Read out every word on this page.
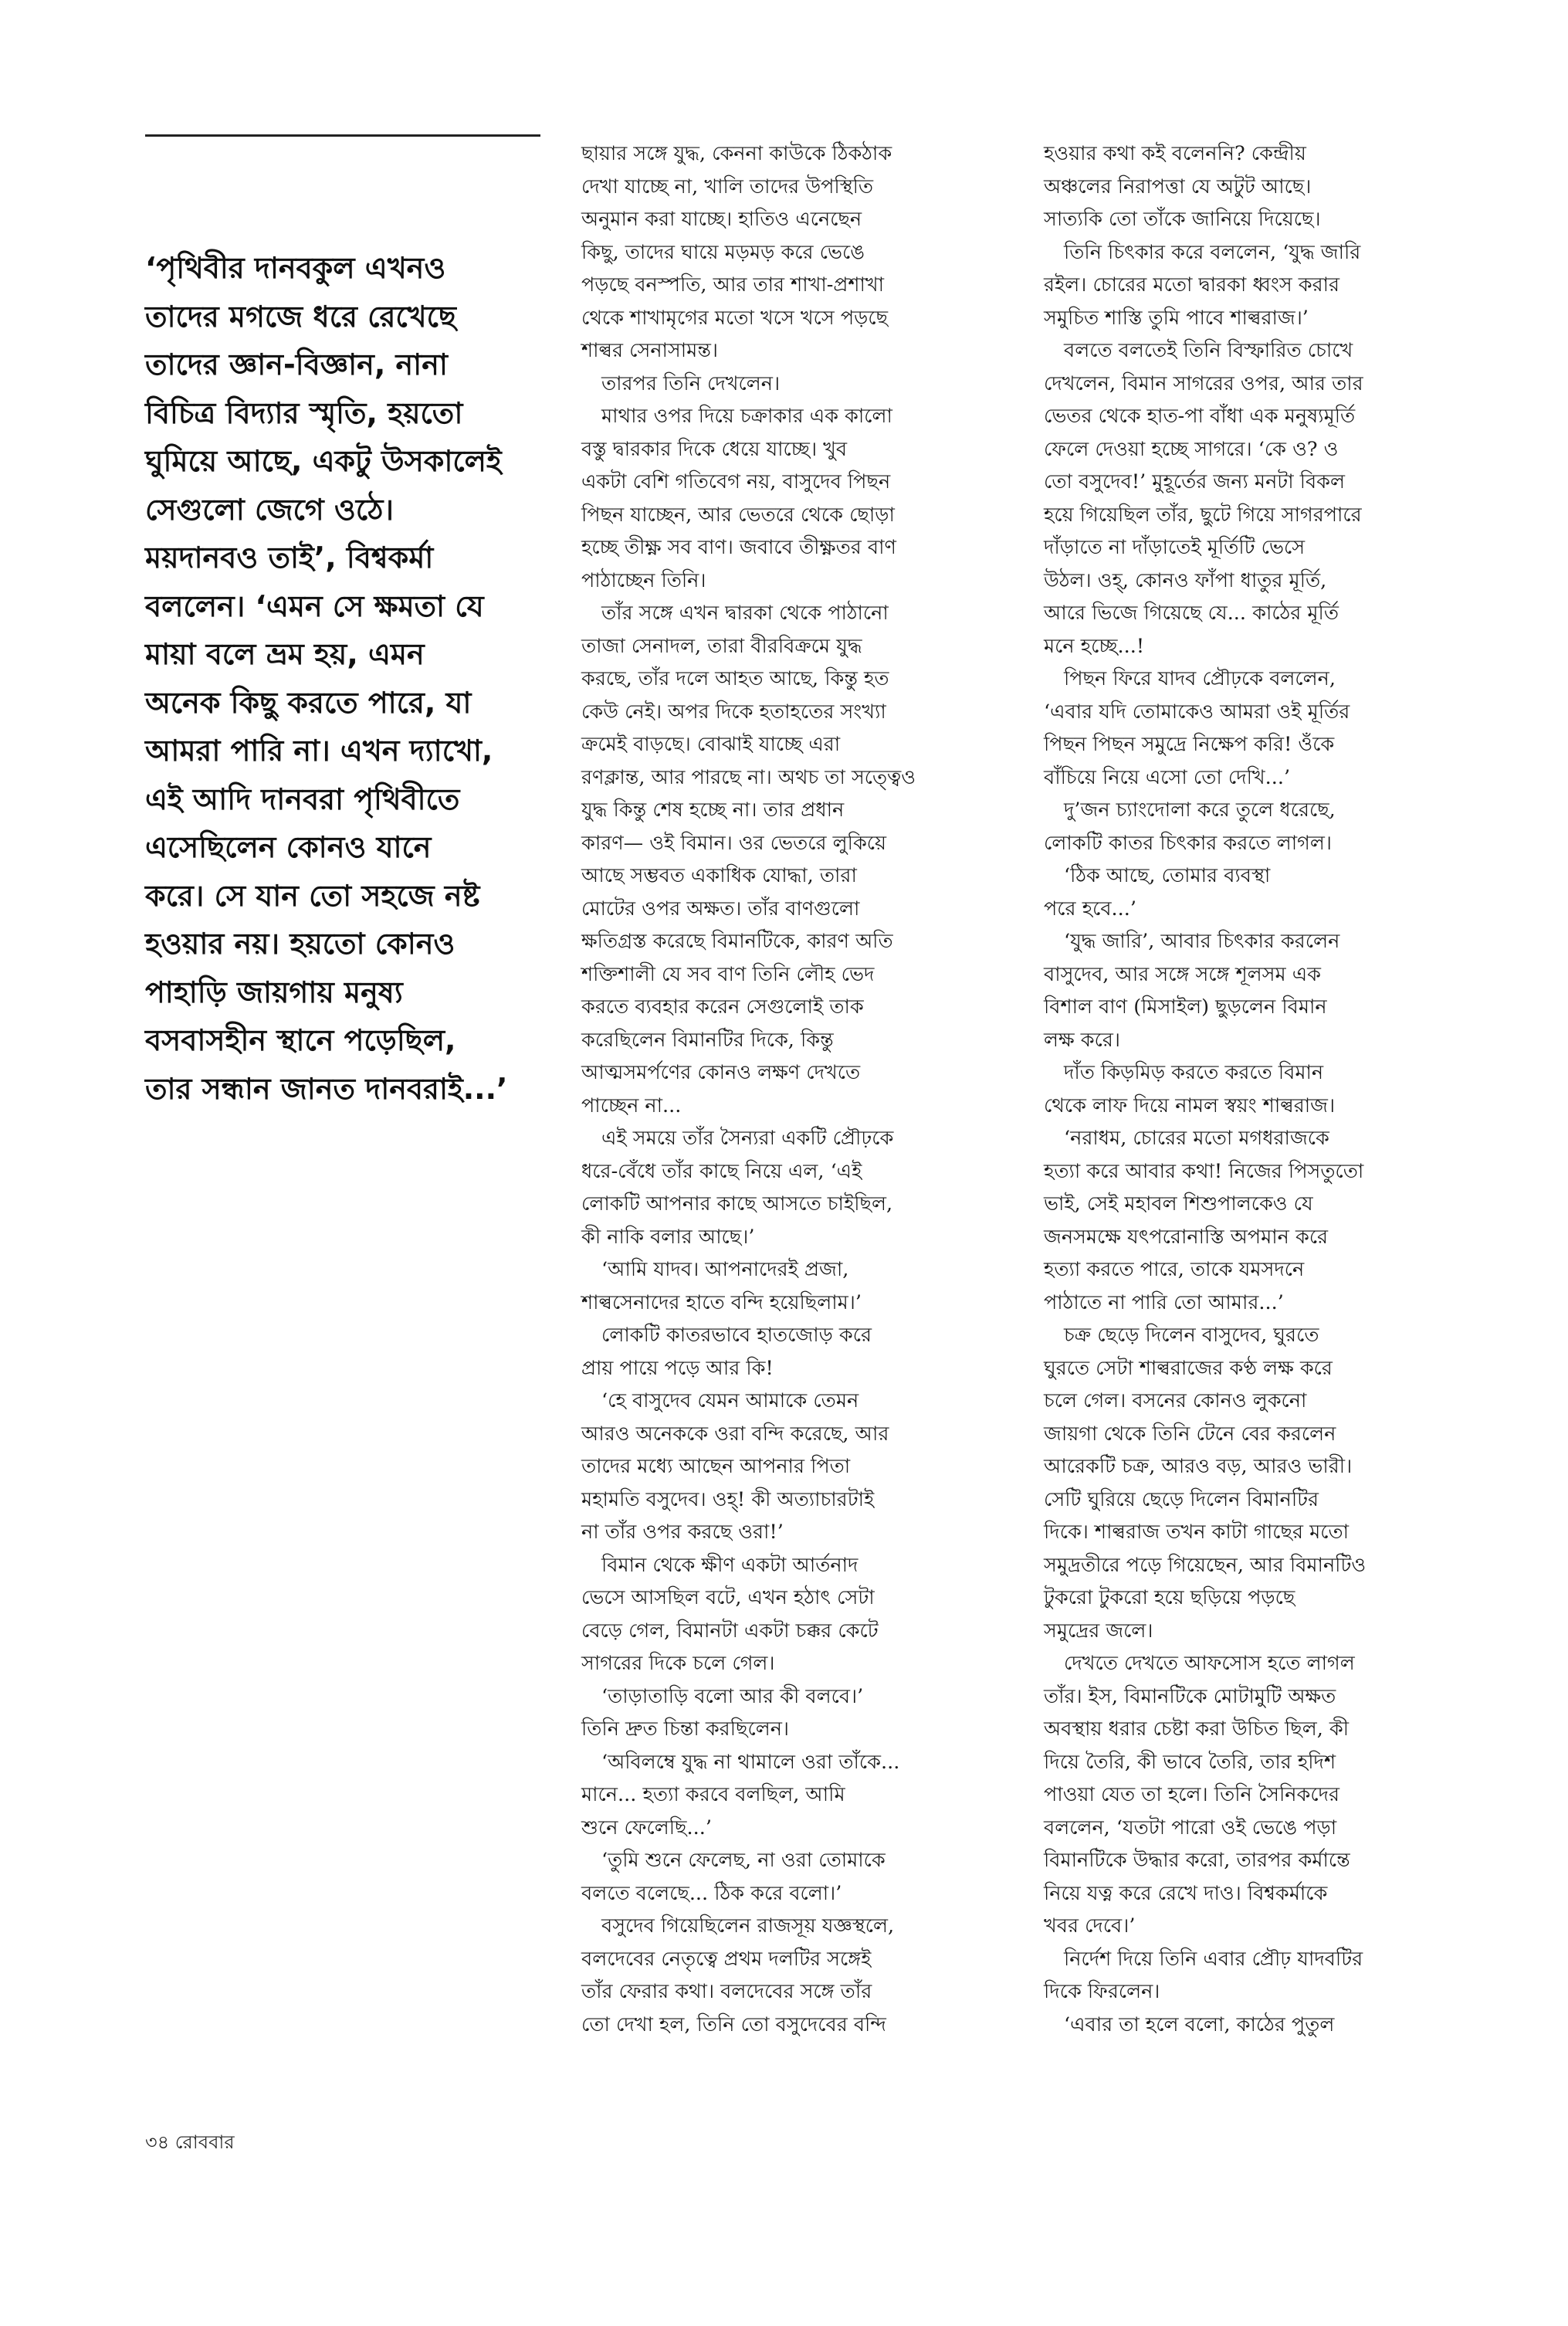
‘পৃথিবীর দানবকুল এখনও
তাদের মগজে ধরে রেখেছে
তাদের জ্ঞান-বিজ্ঞান, নানা
বিচিত্র বিদ্যার স্মৃতি, হয়তো
ঘুমিয়ে আছে, একটু উসকালেই
সেগুলো জেগে ওঠে।
ময়দানবও তাই’, বিশ্বকর্মা
বললেন। ‘এমন সে ক্ষমতা যে
মায়া বলে ভ্রম হয়, এমন
অনেক কিছু করতে পারে, যা
আমরা পারি না। এখন দ্যাখো,
এই আদি দানবরা পৃথিবীতে
এসেছিলেন কোনও যানে
করে। সে যান তো সহজে নষ্ট
হওয়ার নয়। হয়তো কোনও
পাহাড়ি জায়গায় মনুষ্য
বসবাসহীন স্থানে পড়েছিল,
তার সন্ধান জানত দানবরাই...’
ছায়ার সঙ্গে যুদ্ধ, কেননা কাউকে ঠিকঠাক
দেখা যাচ্ছে না, খালি তাদের উপস্থিতি
অনুমান করা যাচ্ছে। হাতিও এনেছেন
কিছু, তাদের ঘায়ে মড়মড় করে ভেঙে
পড়ছে বনস্পতি, আর তার শাখা-প্রশাখা
থেকে শাখামৃগের মতো খসে খসে পড়ছে
শাল্বর সেনাসামন্ত।
তারপর তিনি দেখলেন।
মাথার ওপর দিয়ে চক্রাকার এক কালো
বস্তু দ্বারকার দিকে ধেয়ে যাচ্ছে। খুব
একটা বেশি গতিবেগ নয়, বাসুদেব পিছন
পিছন যাচ্ছেন, আর ভেতরে থেকে ছোড়া
হচ্ছে তীক্ষ্ণ সব বাণ। জবাবে তীক্ষ্ণতর বাণ
পাঠাচ্ছেন তিনি।
তাঁর সঙ্গে এখন দ্বারকা থেকে পাঠানো
তাজা সেনাদল, তারা বীরবিক্রমে যুদ্ধ
করছে, তাঁর দলে আহত আছে, কিন্তু হত
কেউ নেই। অপর দিকে হতাহতের সংখ্যা
ক্রমেই বাড়ছে। বোঝাই যাচ্ছে এরা
রণক্লান্ত, আর পারছে না। অথচ তা সত্ত্বেও
যুদ্ধ কিন্তু শেষ হচ্ছে না। তার প্রধান
কারণ— ওই বিমান। ওর ভেতরে লুকিয়ে
আছে সম্ভবত একাধিক যোদ্ধা, তারা
মোটের ওপর অক্ষত। তাঁর বাণগুলো
ক্ষতিগ্রস্ত করেছে বিমানটিকে, কারণ অতি
শক্তিশালী যে সব বাণ তিনি লৌহ ভেদ
করতে ব্যবহার করেন সেগুলোই তাক
করেছিলেন বিমানটির দিকে, কিন্তু
আত্মসমর্পণের কোনও লক্ষণ দেখতে
পাচ্ছেন না...
এই সময়ে তাঁর সৈন্যরা একটি প্রৌঢ়কে
ধরে-বেঁধে তাঁর কাছে নিয়ে এল, ‘এই
লোকটি আপনার কাছে আসতে চাইছিল,
কী নাকি বলার আছে।’
‘আমি যাদব। আপনাদেরই প্রজা,
শাল্বসেনাদের হাতে বন্দি হয়েছিলাম।’
লোকটি কাতরভাবে হাতজোড় করে
প্রায় পায়ে পড়ে আর কি!
‘হে বাসুদেব যেমন আমাকে তেমন
আরও অনেককে ওরা বন্দি করেছে, আর
তাদের মধ্যে আছেন আপনার পিতা
মহামতি বসুদেব। ওহ্! কী অত্যাচারটাই
না তাঁর ওপর করছে ওরা!’
বিমান থেকে ক্ষীণ একটা আর্তনাদ
ভেসে আসছিল বটে, এখন হঠাৎ সেটা
বেড়ে গেল, বিমানটা একটা চক্কর কেটে
সাগরের দিকে চলে গেল।
‘তাড়াতাড়ি বলো আর কী বলবে।’
তিনি দ্রুত চিন্তা করছিলেন।
‘অবিলম্বে যুদ্ধ না থামালে ওরা তাঁকে...
মানে... হত্যা করবে বলছিল, আমি
শুনে ফেলেছি...’
‘তুমি শুনে ফেলেছ, না ওরা তোমাকে
বলতে বলেছে... ঠিক করে বলো।’
বসুদেব গিয়েছিলেন রাজসূয় যজ্ঞস্থলে,
বলদেবের নেতৃত্বে প্রথম দলটির সঙ্গেই
তাঁর ফেরার কথা। বলদেবের সঙ্গে তাঁর
তো দেখা হল, তিনি তো বসুদেবের বন্দি
হওয়ার কথা কই বলেননি? কেন্দ্রীয়
অঞ্চলের নিরাপত্তা যে অটুট আছে।
সাত্যকি তো তাঁকে জানিয়ে দিয়েছে।
তিনি চিৎকার করে বললেন, ‘যুদ্ধ জারি
রইল। চোরের মতো দ্বারকা ধ্বংস করার
সমুচিত শাস্তি তুমি পাবে শাল্বরাজ।’
বলতে বলতেই তিনি বিস্ফারিত চোখে
দেখলেন, বিমান সাগরের ওপর, আর তার
ভেতর থেকে হাত-পা বাঁধা এক মনুষ্যমূর্তি
ফেলে দেওয়া হচ্ছে সাগরে। ‘কে ও? ও
তো বসুদেব!’ মুহূর্তের জন্য মনটা বিকল
হয়ে গিয়েছিল তাঁর, ছুটে গিয়ে সাগরপারে
দাঁড়াতে না দাঁড়াতেই মূর্তিটি ভেসে
উঠল। ওহ্, কোনও ফাঁপা ধাতুর মূর্তি,
আরে ভিজে গিয়েছে যে... কাঠের মূর্তি
মনে হচ্ছে...!
পিছন ফিরে যাদব প্রৌঢ়কে বললেন,
‘এবার যদি তোমাকেও আমরা ওই মূর্তির
পিছন পিছন সমুদ্রে নিক্ষেপ করি! ওঁকে
বাঁচিয়ে নিয়ে এসো তো দেখি...’
দু’জন চ্যাংদোলা করে তুলে ধরেছে,
লোকটি কাতর চিৎকার করতে লাগল।
‘ঠিক আছে, তোমার ব্যবস্থা
পরে হবে...’
‘যুদ্ধ জারি’, আবার চিৎকার করলেন
বাসুদেব, আর সঙ্গে সঙ্গে শূলসম এক
বিশাল বাণ (মিসাইল) ছুড়লেন বিমান
লক্ষ করে।
দাঁত কিড়মিড় করতে করতে বিমান
থেকে লাফ দিয়ে নামল স্বয়ং শাল্বরাজ।
‘নরাধম, চোরের মতো মগধরাজকে
হত্যা করে আবার কথা! নিজের পিসতুতো
ভাই, সেই মহাবল শিশুপালকেও যে
জনসমক্ষে যৎপরোনাস্তি অপমান করে
হত্যা করতে পারে, তাকে যমসদনে
পাঠাতে না পারি তো আমার...’
চক্র ছেড়ে দিলেন বাসুদেব, ঘুরতে
ঘুরতে সেটা শাল্বরাজের কণ্ঠ লক্ষ করে
চলে গেল। বসনের কোনও লুকনো
জায়গা থেকে তিনি টেনে বের করলেন
আরেকটি চক্র, আরও বড়, আরও ভারী।
সেটি ঘুরিয়ে ছেড়ে দিলেন বিমানটির
দিকে। শাল্বরাজ তখন কাটা গাছের মতো
সমুদ্রতীরে পড়ে গিয়েছেন, আর বিমানটিও
টুকরো টুকরো হয়ে ছড়িয়ে পড়ছে
সমুদ্রের জলে।
দেখতে দেখতে আফসোস হতে লাগল
তাঁর। ইস, বিমানটিকে মোটামুটি অক্ষত
অবস্থায় ধরার চেষ্টা করা উচিত ছিল, কী
দিয়ে তৈরি, কী ভাবে তৈরি, তার হদিশ
পাওয়া যেত তা হলে। তিনি সৈনিকদের
বললেন, ‘যতটা পারো ওই ভেঙে পড়া
বিমানটিকে উদ্ধার করো, তারপর কর্মান্তে
নিয়ে যত্ন করে রেখে দাও। বিশ্বকর্মাকে
খবর দেবে।’
নির্দেশ দিয়ে তিনি এবার প্রৌঢ় যাদবটির
দিকে ফিরলেন।
‘এবার তা হলে বলো, কাঠের পুতুল
৩৪ রোববার
